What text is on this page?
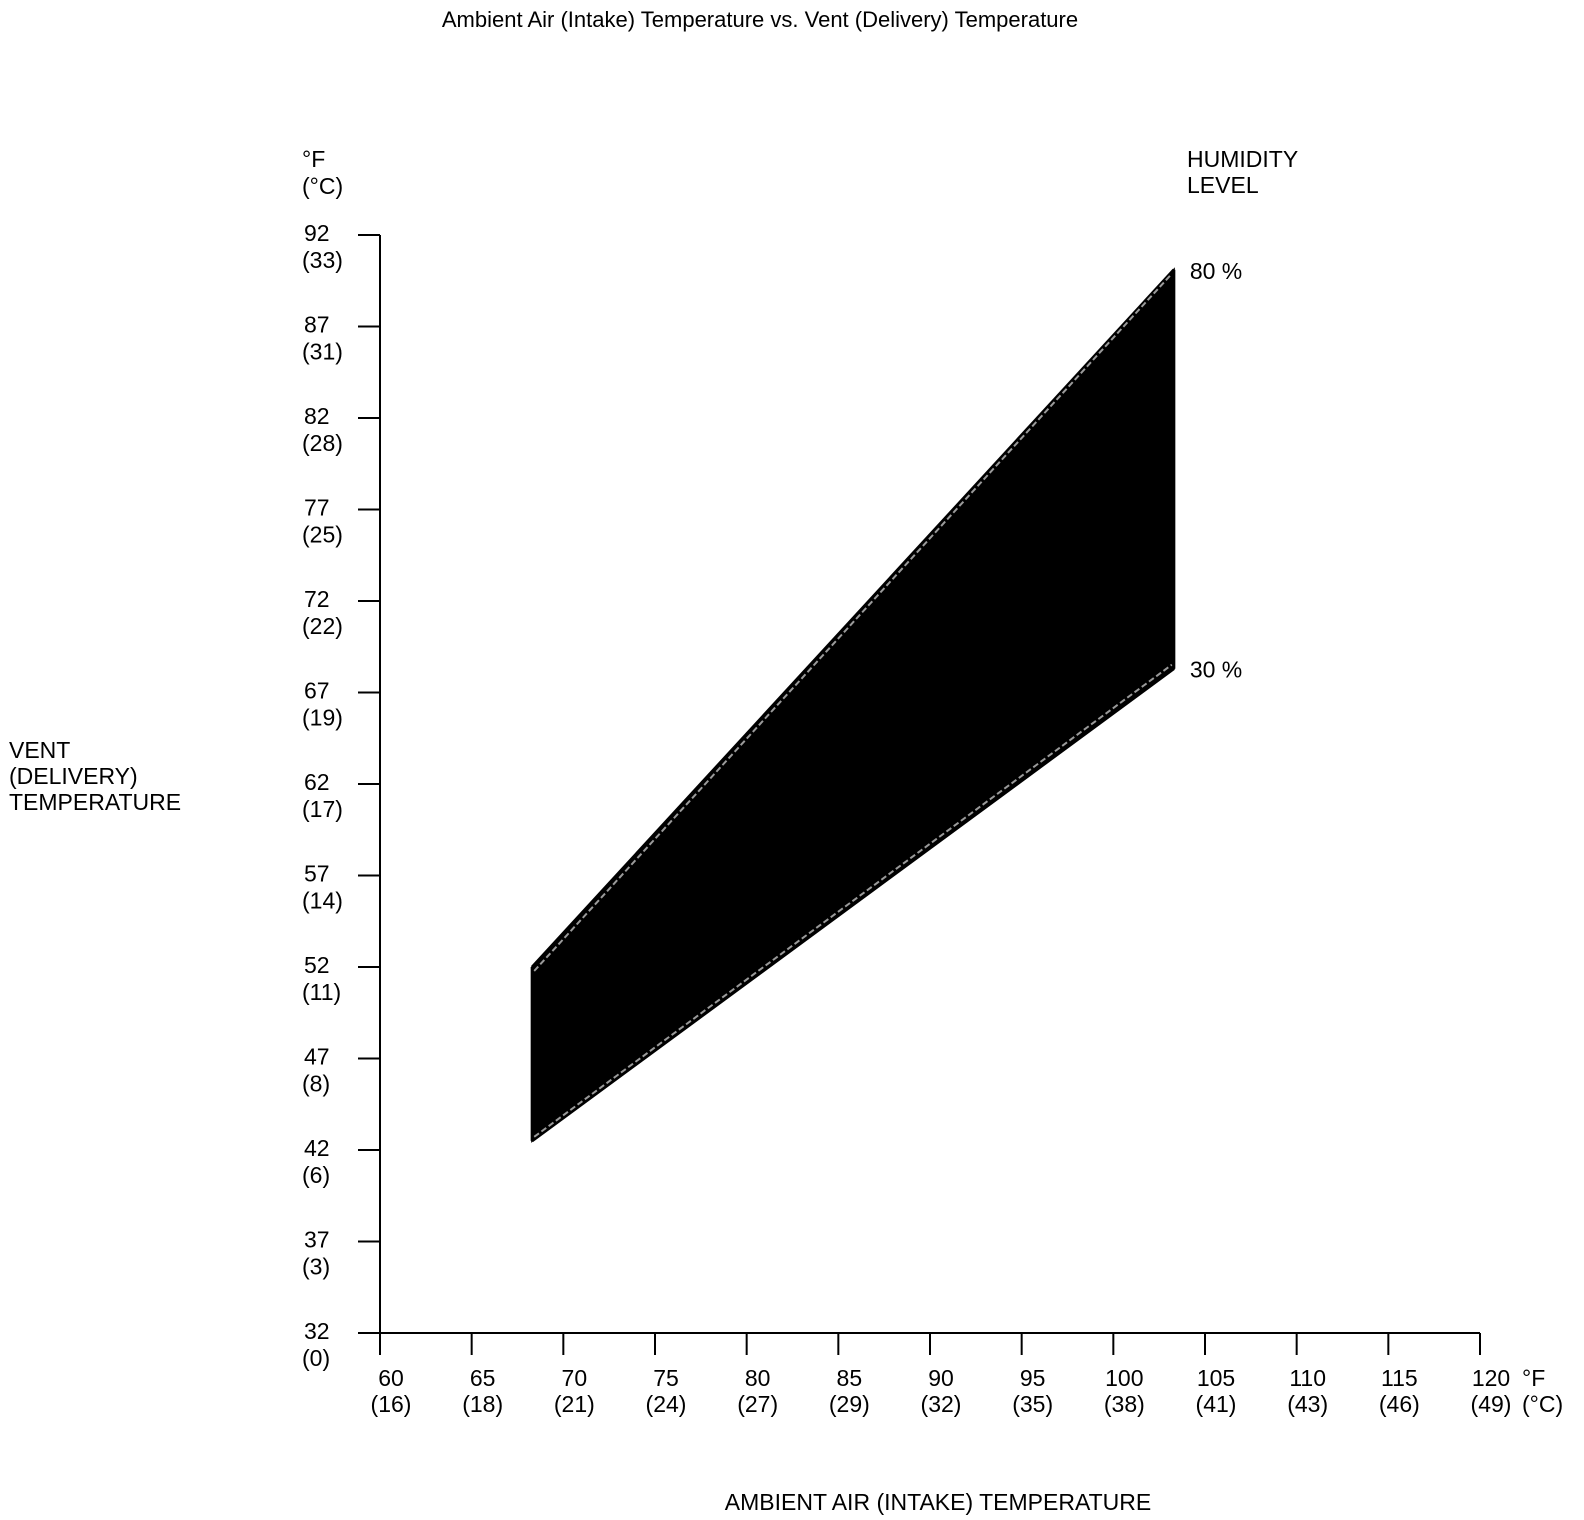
Ambient Air (Intake) Temperature vs. Vent (Delivery) Temperature
°F
(°C)
HUMIDITY
LEVEL
VENT
(DELIVERY)
TEMPERATURE
°F
(°C)
AMBIENT AIR (INTAKE) TEMPERATURE
80 %
30 %
60
(16)
65
(18)
70
(21)
75
(24)
80
(27)
85
(29)
90
(32)
95
(35)
100
(38)
105
(41)
110
(43)
115
(46)
120
(49)
32
(0)
37
(3)
42
(6)
47
(8)
52
(11)
57
(14)
62
(17)
67
(19)
72
(22)
77
(25)
82
(28)
87
(31)
92
(33)
